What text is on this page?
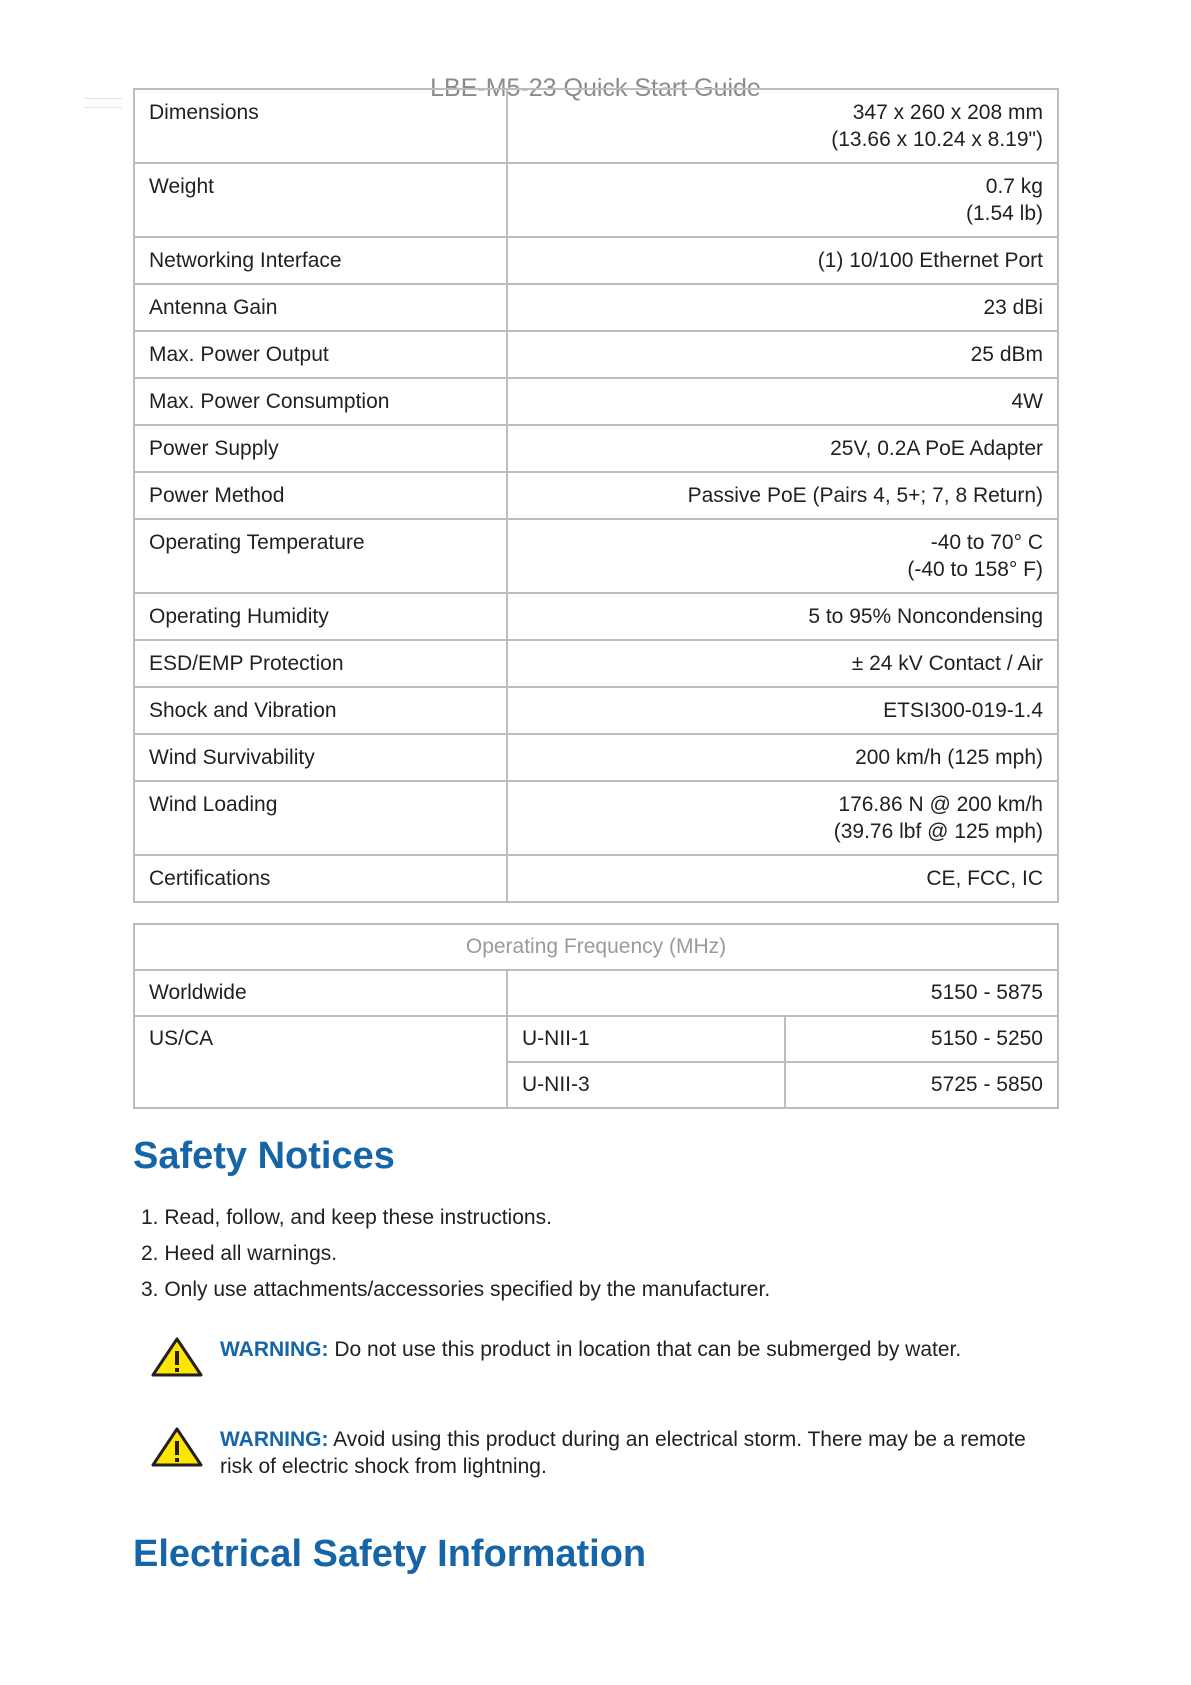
LBE-M5-23 Quick Start Guide
Dimensions	347 x 260 x 208 mm
(13.66 x 10.24 x 8.19")

Weight	0.7 kg
(1.54 lb)

Networking Interface	(1) 10/100 Ethernet Port

Antenna Gain	23 dBi

Max. Power Output	25 dBm

Max. Power Consumption	4W

Power Supply	25V, 0.2A PoE Adapter

Power Method	Passive PoE (Pairs 4, 5+; 7, 8 Return)

Operating Temperature	-40 to 70° C
(-40 to 158° F)

Operating Humidity	5 to 95% Noncondensing

ESD/EMP Protection	± 24 kV Contact / Air

Shock and Vibration	ETSI300-019-1.4

Wind Survivability	200 km/h (125 mph)

Wind Loading	176.86 N @ 200 km/h
(39.76 lbf @ 125 mph)

Certifications	CE, FCC, IC
Operating Frequency (MHz)		
Worldwide	5150 - 5875	
US/CA	U-NII-1	5150 - 5250
	U-NII-3	5725 - 5850
Safety Notices
1. Read, follow, and keep these instructions.
2. Heed all warnings.
3. Only use attachments/accessories specified by the manufacturer.
WARNING: Do not use this product in location that can be submerged by water.
WARNING: Avoid using this product during an electrical storm. There may be a remote risk of electric shock from lightning.
Electrical Safety Information
